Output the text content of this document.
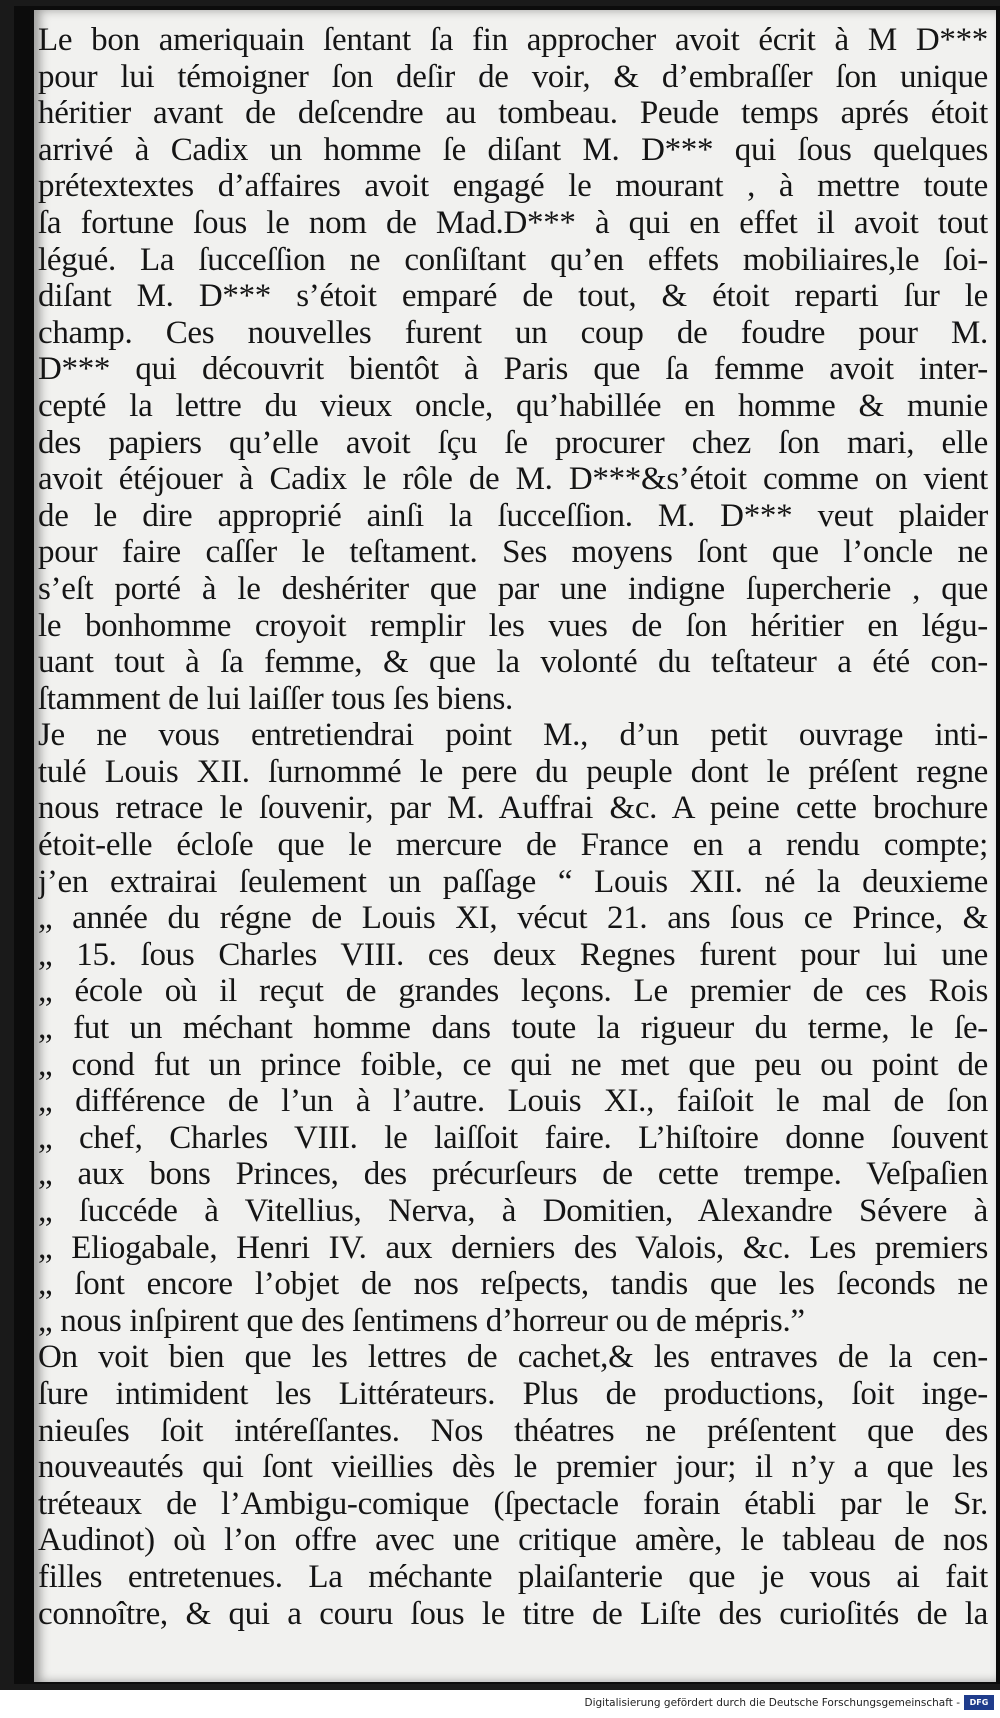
Le bon ameriquain ſentant ſa fin approcher avoit écrit à M D***
pour lui témoigner ſon deſir de voir, & d’embraſſer ſon unique
héritier avant de deſcendre au tombeau. Peude temps aprés étoit
arrivé à Cadix un homme ſe diſant M. D*** qui ſous quelques
prétextextes d’affaires avoit engagé le mourant , à mettre toute
ſa fortune ſous le nom de Mad.D*** à qui en effet il avoit tout
légué. La ſucceſſion ne conſiſtant qu’en effets mobiliaires,le ſoi-
diſant M. D*** s’étoit emparé de tout, & étoit reparti ſur le
champ. Ces nouvelles furent un coup de foudre pour M.
D*** qui découvrit bientôt à Paris que ſa femme avoit inter-
cepté la lettre du vieux oncle, qu’habillée en homme & munie
des papiers qu’elle avoit ſçu ſe procurer chez ſon mari, elle
avoit étéjouer à Cadix le rôle de M. D***&s’étoit comme on vient
de le dire approprié ainſi la ſucceſſion. M. D*** veut plaider
pour faire caſſer le teſtament. Ses moyens ſont que l’oncle ne
s’eſt porté à le deshériter que par une indigne ſupercherie , que
le bonhomme croyoit remplir les vues de ſon héritier en légu-
uant tout à ſa femme, & que la volonté du teſtateur a été con-
ſtamment de lui laiſſer tous ſes biens.
Je ne vous entretiendrai point M., d’un petit ouvrage inti-
tulé Louis XII. ſurnommé le pere du peuple dont le préſent regne
nous retrace le ſouvenir, par M. Auffrai &c. A peine cette brochure
étoit-elle écloſe que le mercure de France en a rendu compte;
j’en extrairai ſeulement un paſſage “ Louis XII. né la deuxieme
„ année du régne de Louis XI, vécut 21. ans ſous ce Prince, &
„ 15. ſous Charles VIII. ces deux Regnes furent pour lui une
„ école où il reçut de grandes leçons. Le premier de ces Rois
„ fut un méchant homme dans toute la rigueur du terme, le ſe-
„ cond fut un prince foible, ce qui ne met que peu ou point de
„ différence de l’un à l’autre. Louis XI., faiſoit le mal de ſon
„ chef, Charles VIII. le laiſſoit faire. L’hiſtoire donne ſouvent
„ aux bons Princes, des précurſeurs de cette trempe. Veſpaſien
„ ſuccéde à Vitellius, Nerva, à Domitien, Alexandre Sévere à
„ Eliogabale, Henri IV. aux derniers des Valois, &c. Les premiers
„ ſont encore l’objet de nos reſpects, tandis que les ſeconds ne
„ nous inſpirent que des ſentimens d’horreur ou de mépris.”
On voit bien que les lettres de cachet,& les entraves de la cen-
ſure intimident les Littérateurs. Plus de productions, ſoit inge-
nieuſes ſoit intéreſſantes. Nos théatres ne préſentent que des
nouveautés qui ſont vieillies dès le premier jour; il n’y a que les
tréteaux de l’Ambigu-comique (ſpectacle forain établi par le Sr.
Audinot) où l’on offre avec une critique amère, le tableau de nos
filles entretenues. La méchante plaiſanterie que je vous ai fait
connoître, & qui a couru ſous le titre de Liſte des curioſités de la
Digitalisierung gefördert durch die Deutsche Forschungsgemeinschaft -	DFG
